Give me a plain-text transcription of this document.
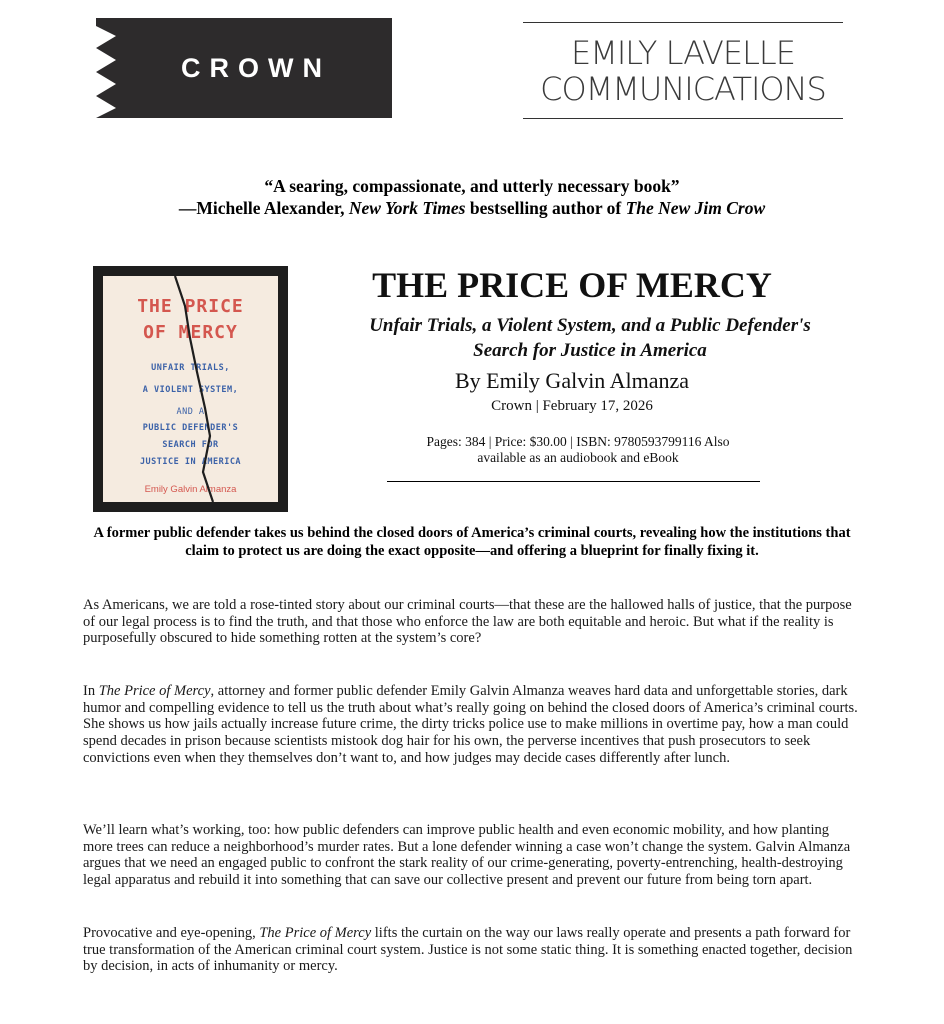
CROWN	EMILY LAVELLE
COMMUNICATIONS
“A searing, compassionate, and utterly necessary book”
—Michelle Alexander, New York Times bestselling author of The New Jim Crow
THE PRICE
OF MERCY
UNFAIR TRIALS,
A VIOLENT SYSTEM,
AND A
PUBLIC DEFENDER'S
SEARCH FOR
JUSTICE IN AMERICA
Emily Galvin Almanza
THE PRICE OF MERCY
Unfair Trials, a Violent System, and a Public Defender's
Search for Justice in America
By Emily Galvin Almanza
Crown | February 17, 2026
Pages: 384 | Price: $30.00 | ISBN: 9780593799116 Also
available as an audiobook and eBook
A former public defender takes us behind the closed doors of America’s criminal courts, revealing how the institutions that claim to protect us are doing the exact opposite—and offering a blueprint for finally fixing it.

As Americans, we are told a rose-tinted story about our criminal courts—that these are the hallowed halls of justice, that the purpose of our legal process is to find the truth, and that those who enforce the law are both equitable and heroic. But what if the reality is purposefully obscured to hide something rotten at the system’s core?

In The Price of Mercy, attorney and former public defender Emily Galvin Almanza weaves hard data and unforgettable stories, dark humor and compelling evidence to tell us the truth about what’s really going on behind the closed doors of America’s criminal courts. She shows us how jails actually increase future crime, the dirty tricks police use to make millions in overtime pay, how a man could spend decades in prison because scientists mistook dog hair for his own, the perverse incentives that push prosecutors to seek convictions even when they themselves don’t want to, and how judges may decide cases differently after lunch.

We’ll learn what’s working, too: how public defenders can improve public health and even economic mobility, and how planting more trees can reduce a neighborhood’s murder rates. But a lone defender winning a case won’t change the system. Galvin Almanza argues that we need an engaged public to confront the stark reality of our crime-generating, poverty-entrenching, health-destroying legal apparatus and rebuild it into something that can save our collective present and prevent our future from being torn apart.

Provocative and eye-opening, The Price of Mercy lifts the curtain on the way our laws really operate and presents a path forward for true transformation of the American criminal court system. Justice is not some static thing. It is something enacted together, decision by decision, in acts of inhumanity or mercy.
